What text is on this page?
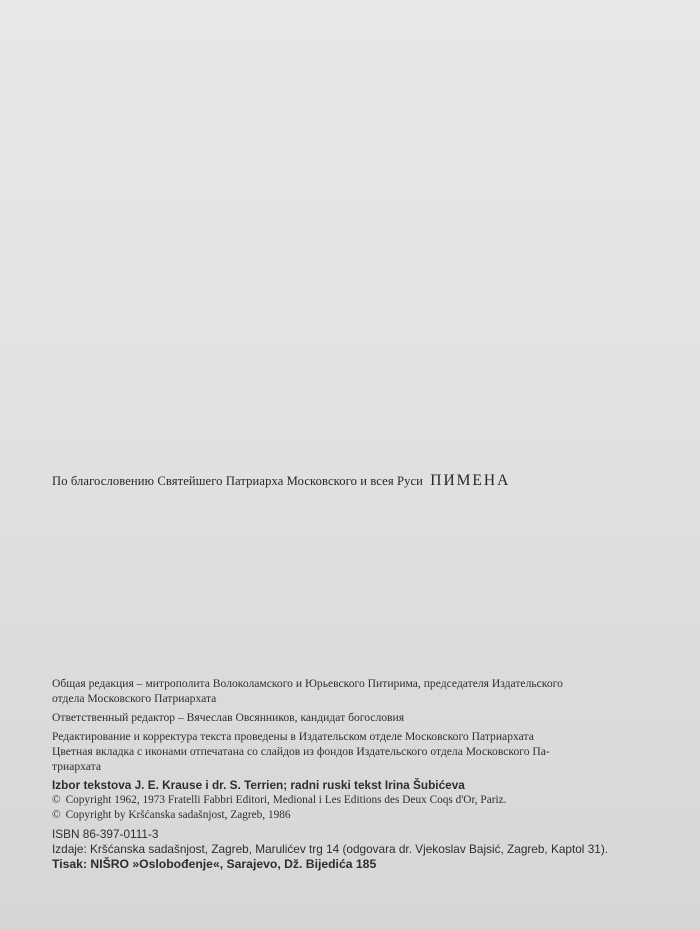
По благословению Святейшего Патриарха Московского и всея Руси ПИМЕНА
Общая редакция – митрополита Волоколамского и Юрьевского Питирима, председателя Издательского
отдела Московского Патриархата
Ответственный редактор – Вячеслав Овсянников, кандидат богословия
Редактирование и корректура текста проведены в Издательском отделе Московского Патриархата
Цветная вкладка с иконами отпечатана со слайдов из фондов Издательского отдела Московского Па-
триархата
Izbor tekstova J. E. Krause i dr. S. Terrien; radni ruski tekst Irina Šubićeva
© Copyright 1962, 1973 Fratelli Fabbri Editori, Medional i Les Editions des Deux Coqs d'Or, Pariz.
© Copyright by Kršćanska sadašnjost, Zagreb, 1986
ISBN 86-397-0111-3
Izdaje: Kršćanska sadašnjost, Zagreb, Marulićev trg 14 (odgovara dr. Vjekoslav Bajsić, Zagreb, Kaptol 31).
Tisak: NIŠRO »Oslobođenje«, Sarajevo, Dž. Bijedića 185
